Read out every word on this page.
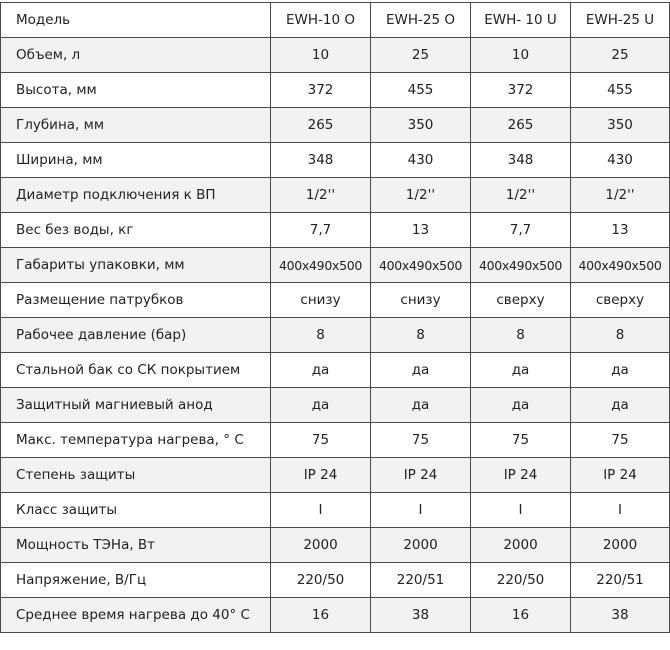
Модель	EWH-10 O	EWH-25 O	EWH- 10 U	EWH-25 U
Объем, л	10	25	10	25
Высота, мм	372	455	372	455
Глубина, мм	265	350	265	350
Ширина, мм	348	430	348	430
Диаметр подключения к ВП	1/2''	1/2''	1/2''	1/2''
Вес без воды, кг	7,7	13	7,7	13
Габариты упаковки, мм	400х490х500	400х490х500	400х490х500	400х490х500
Размещение патрубков	снизу	снизу	сверху	сверху
Рабочее давление (бар)	8	8	8	8
Стальной бак со СК покрытием	да	да	да	да
Защитный магниевый анод	да	да	да	да
Макс. температура нагрева, ° С	75	75	75	75
Степень защиты	IP 24	IP 24	IP 24	IP 24
Класс защиты	I	I	I	I
Мощность ТЭНа, Вт	2000	2000	2000	2000
Напряжение, В/Гц	220/50	220/51	220/50	220/51
Среднее время нагрева до 40° С	16	38	16	38
